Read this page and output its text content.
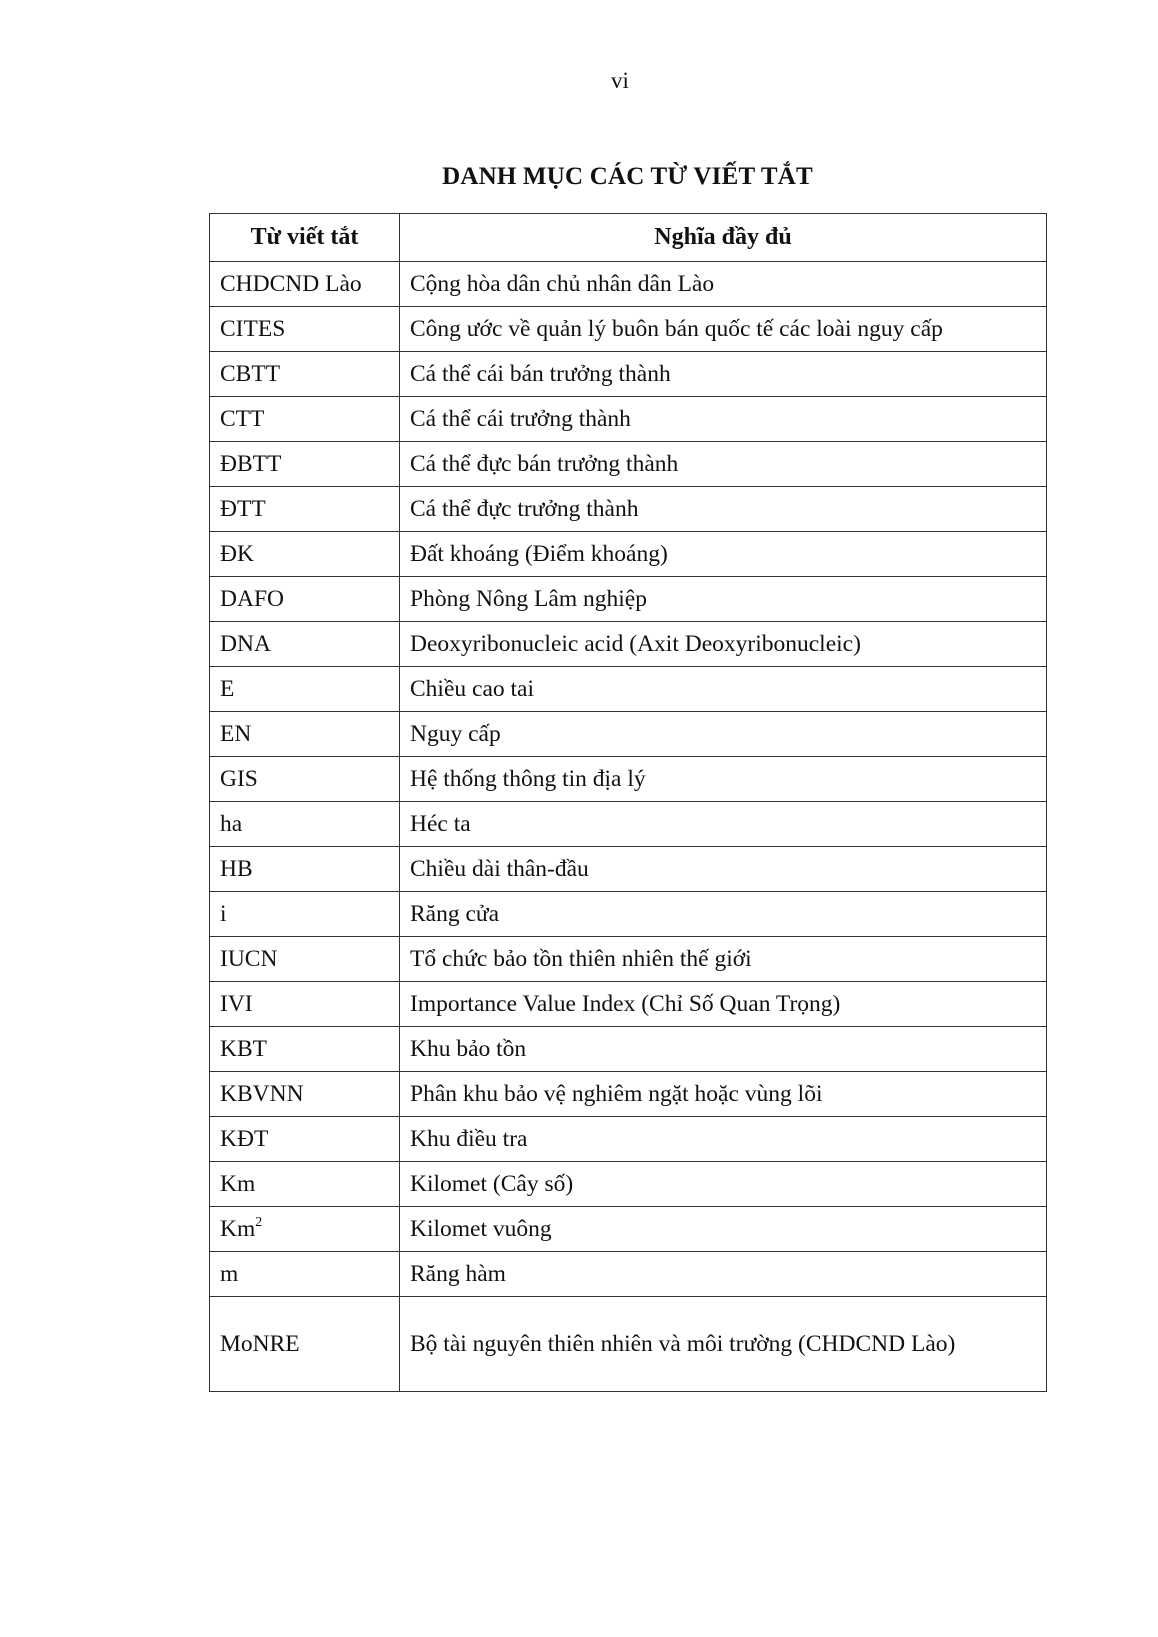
vi
DANH MỤC CÁC TỪ VIẾT TẮT
Từ viết tắt	Nghĩa đầy đủ
CHDCND Lào	Cộng hòa dân chủ nhân dân Lào
CITES	Công ước về quản lý buôn bán quốc tế các loài nguy cấp
CBTT	Cá thể cái bán trưởng thành
CTT	Cá thể cái trưởng thành
ĐBTT	Cá thể đực bán trưởng thành
ĐTT	Cá thể đực trưởng thành
ĐK	Đất khoáng (Điểm khoáng)
DAFO	Phòng Nông Lâm nghiệp
DNA	Deoxyribonucleic acid (Axit Deoxyribonucleic)
E	Chiều cao tai
EN	Nguy cấp
GIS	Hệ thống thông tin địa lý
ha	Héc ta
HB	Chiều dài thân-đầu
i	Răng cửa
IUCN	Tổ chức bảo tồn thiên nhiên thế giới
IVI	Importance Value Index (Chỉ Số Quan Trọng)
KBT	Khu bảo tồn
KBVNN	Phân khu bảo vệ nghiêm ngặt hoặc vùng lõi
KĐT	Khu điều tra
Km	Kilomet (Cây số)
Km$^2$	Kilomet vuông
m	Răng hàm
MoNRE	Bộ tài nguyên thiên nhiên và môi trường (CHDCND Lào)
